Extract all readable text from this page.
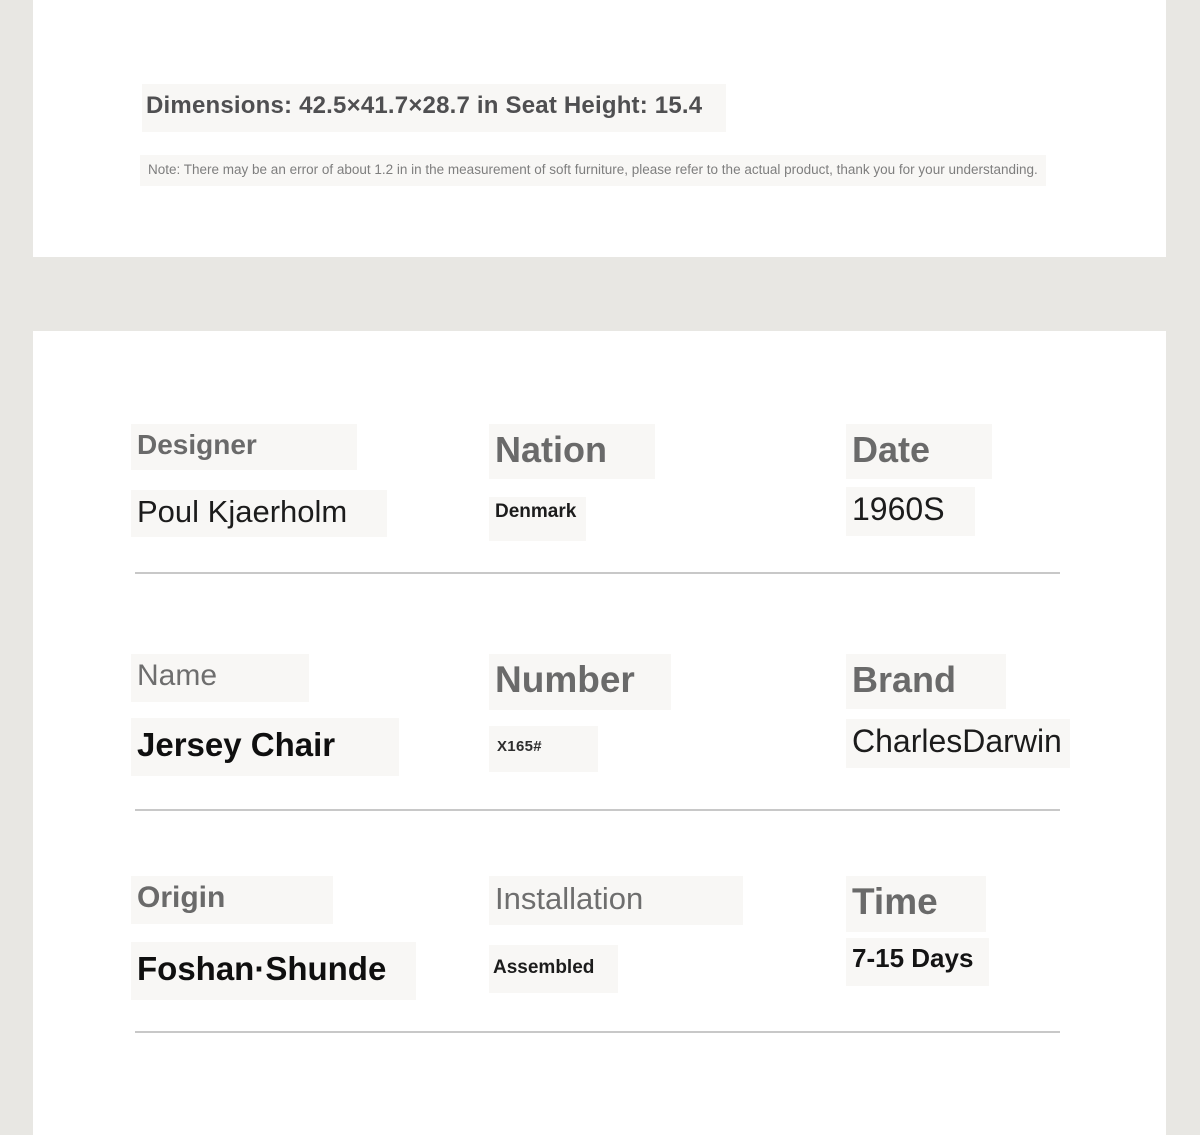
Dimensions: 42.5×41.7×28.7 in Seat Height: 15.4
Note: There may be an error of about 1.2 in in the measurement of soft furniture, please refer to the actual product, thank you for your understanding.
Designer
Poul Kjaerholm
Nation
Denmark
Date
1960S
Name
Jersey Chair
Number
X165#
Brand
CharlesDarwin
Origin
Foshan·Shunde
Installation
Assembled
Time
7-15 Days
